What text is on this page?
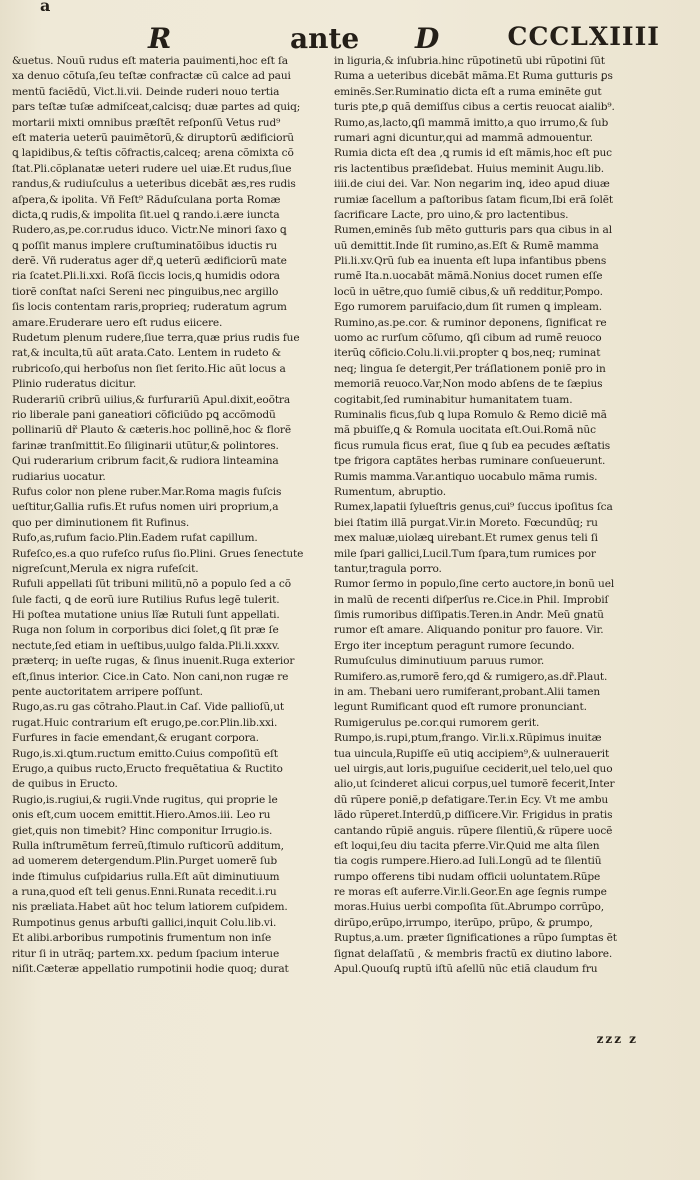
a
R	ante D	CCCLXIIII
&uetus. Nouũ rudus eſt materia pauimenti,hoc eſt ſa
xa denuo cõtuſa,ſeu teſtæ confractæ cũ calce ad paui
mentũ faciẽdũ, Vict.li.vii. Deinde ruderi nouo tertia
pars teſtæ tuſæ admiſceat,calcisq; duæ partes ad quiq;
mortarii mixti omnibus præſtẽt reſponſũ Vetus rud⁹
eſt materia ueterũ pauimẽtorũ,& diruptorũ ædificiorũ
ꝗ lapidibus,& teſtis cõfractis,calceq; arena cõmixta cõ
ſtat.Pli.cõplanatæ ueteri rudere uel uiæ.Et rudus,ſiue
randus,& rudiuſculus a ueteribus dicebãt æs,res rudis
aſpera,& ipolita. Vñ Feſt⁹ Rãduſculana porta Romæ
dicta,ꝗ rudis,& impolita ſit.uel ꝗ rando.i.ære iuncta
Rudero,as,pe.cor.rudus iduco. Victr.Ne minori ſaxo ꝗ
ꝗ poſſit manus implere cruſtuminatõibus iductis ru
derẽ. Vñ ruderatus ager dr̃,ꝗ ueterũ ædificiorũ mate
ria ſcatet.Pli.li.xxi. Roſã ſiccis locis,ꝗ humidis odora
tiorẽ conſtat naſci Sereni nec pinguibus,nec argillo
ſis locis contentam raris,proprieq; ruderatum agrum
amare.Eruderare uero eſt rudus eiicere.
Rudetum plenum rudere,ſiue terra,quæ prius rudis fue
rat,& inculta,tũ aũt arata.Cato. Lentem in rudeto &
rubricoſo,qui herboſus non ſiet ſerito.Hic aũt locus a
Plinio ruderatus dicitur.
Ruderariũ cribrũ uilius,& furfurariũ Apul.dixit,eoõtra
rio liberale pani ganeatiori cõficiũdo pꝗ accõmodũ
pollinariũ dr̃ Plauto & cæteris.hoc pollinẽ,hoc & florẽ
farinæ tranſmittit.Eo ſiliginarii utũtur,& polintores.
Qui ruderarium cribrum facit,& rudiora linteamina
rudiarius uocatur.
Rufus color non plene ruber.Mar.Roma magis fuſcis
ueſtitur,Gallia rufis.Et rufus nomen uiri proprium,a
quo per diminutionem fit Rufinus.
Rufo,as,rufum facio.Plin.Eadem rufat capillum.
Rufeſco,es.a quo rufeſco ruſus ſio.Plini. Grues ſenectute
nigreſcunt,Merula ex nigra rufeſcit.
Rufuli appellati ſũt tribuni militũ,nõ a populo ſed a cõ
ſule facti, ꝗ de eorũ iure Rutilius Rufus legẽ tulerit.
Hi poſtea mutatione unius lĩæ Rutuli ſunt appellati.
Ruga non ſolum in corporibus dici ſolet,ꝗ ſit præ ſe
nectute,ſed etiam in ueſtibus,uulgo falda.Pli.li.xxxv.
præterq; in ueſte rugas, & ſinus inuenit.Ruga exterior
eſt,ſinus interior. Cice.in Cato. Non cani,non rugæ re
pente auctoritatem arripere poſſunt.
Rugo,as.ru gas cõtraho.Plaut.in Caſ. Vide pallioſũ,ut
rugat.Huic contrarium eſt erugo,pe.cor.Plin.lib.xxi.
Furfures in facie emendant,& erugant corpora.
Rugo,is.xi.ꝗtum.ructum emitto.Cuius compoſitũ eſt
Erugo,a quibus ructo,Eructo frequẽtatiua & Ructito
de quibus in Eructo.
Rugio,is.rugiui,& rugii.Vnde rugitus, qui proprie le
onis eſt,cum uocem emittit.Hiero.Amos.iii. Leo ru
giet,quis non timebit? Hinc componitur Irrugio.is.
Rulla inſtrumẽtum ferreũ,ſtimulo ruſticorũ additum,
ad uomerem detergendum.Plin.Purget uomerẽ ſub
inde ſtimulus cuſpidarius rulla.Eſt aũt diminutiuum
a runa,quod eſt teli genus.Enni.Runata recedit.i.ru
nis præliata.Habet aũt hoc telum latiorem cuſpidem.
Rumpotinus genus arbuſti gallici,inquit Colu.lib.vi.
Et alibi.arboribus rumpotinis frumentum non inſe
ritur ſi in utrãq; partem.xx. pedum ſpacium interue
niſit.Cæteræ appellatio rumpotinii hodie quoq; durat
in liguria,& inſubria.hinc rũpotinetũ ubi rũpotini ſũt
Ruma a ueteribus dicebãt mãma.Et Ruma gutturis ꝑs
eminẽs.Ser.Ruminatio dicta eſt a ruma eminẽte gut
turis pte,ꝑ quã demiſſus cibus a certis reuocat aialib⁹.
Rumo,as,lacto,ꝗſi mammã imitto,a quo irrumo,& ſub
rumari agni dicuntur,qui ad mammã admouentur.
Rumia dicta eſt dea ,ꝗ rumis id eſt mãmis,hoc eſt puc
ris lactentibus præſidebat. Huius meminit Augu.lib.
iiii.de ciui dei. Var. Non negarim inꝗ, ideo apud diuæ
rumiæ ſacellum a paſtoribus ſatam ficum,Ibi erã ſolẽt
ſacrificare Lacte, pro uino,& pro lactentibus.
Rumen,eminẽs ſub mẽto gutturis pars qua cibus in al
uũ demittit.Inde ſit rumino,as.Eſt & Rumẽ mamma
Pli.li.xv.Qrũ ſub ea inuenta eſt lupa infantibus pbens
rumẽ Ita.n.uocabãt mãmã.Nonius docet rumen eſſe
locũ in uẽtre,quo ſumiẽ cibus,& uñ redditur,Pompo.
Ego rumorem paruifacio,dum ſit rumen ꝗ impleam.
Rumino,as.pe.cor. & ruminor deponens, ſignificat re
uomo ac rurſum cõſumo, ꝗſi cibum ad rumẽ reuoco
iterũꝗ cõficio.Colu.li.vii.propter ꝗ bos,neq; ruminat
neq; lingua ſe detergit,Per tráſlationem poniẽ pro in
memoriã reuoco.Var,Non modo abſens de te ſæpius
cogitabit,ſed ruminabitur humanitatem tuam.
Ruminalis ficus,ſub ꝗ lupa Romulo & Remo diciẽ mã
mã pbuiſſe,ꝗ & Romula uocitata eſt.Oui.Romã nũc
ficus rumula ficus erat, ſiue ꝗ ſub ea pecudes æſtatis
tpe frigora captãtes herbas ruminare conſueuerunt.
Rumis mamma.Var.antiquo uocabulo mãma rumis.
Rumentum, abruptio.
Rumex,lapatii ſylueſtris genus,cui⁹ ſuccus ipoſitus ſca
biei ſtatim illã purgat.Vir.in Moreto. Fœcundũq; ru
mex maluæ,uiolæꝗ uirebant.Et rumex genus teli ſi
mile ſpari gallici,Lucil.Tum ſpara,tum rumices por
tantur,tragula porro.
Rumor ſermo in populo,ſine certo auctore,in bonũ uel
in malũ de recenti diſperſus re.Cice.in Phil. Improbiſ
ſimis rumoribus diſſipatis.Teren.in Andr. Meũ gnatũ
rumor eſt amare. Aliquando ponitur pro fauore. Vir.
Ergo iter inceptum peragunt rumore ſecundo.
Rumuſculus diminutiuum paruus rumor.
Rumifero.as,rumorẽ fero,qd & rumigero,as.dr̃.Plaut.
in am. Thebani uero rumiferant,probant.Alii tamen
legunt Rumificant quod eſt rumore pronunciant.
Rumigerulus pe.cor.qui rumorem gerit.
Rumpo,is.rupi,ptum,frango. Vir.li.x.Rũpimus inuitæ
tua uincula,Rupiſſe eũ utiꝗ accipiem⁹,& uulnerauerit
uel uirgis,aut loris,puguiſue ceciderit,uel telo,uel quo
alio,ut ſcinderet alicui corpus,uel tumorẽ fecerit,Inter
dũ rũpere poniẽ,p defatigare.Ter.in Ecy. Vt me ambu
lãdo rũperet.Interdũ,p diſſicere.Vir. Frigidus in pratis
cantando rũpiẽ anguis. rũpere ſilentiũ,& rũpere uocẽ
eſt loqui,ſeu diu tacita pferre.Vir.Quid me alta ſilen
tia cogis rumpere.Hiero.ad Iuli.Longũ ad te ſilentiũ
rumpo offerens tibi nudam officii uoluntatem.Rũpe
re moras eſt auferre.Vir.li.Geor.En age ſegnis rumpe
moras.Huius uerbi compoſita ſũt.Abrumpo corrũpo,
dirũpo,erũpo,irrumpo, iterũpo, prũpo, & ꝑrumpo,
Ruptus,a.um. præter ſignificationes a rũpo ſumptas ẽt
ſignat delaſſatũ , & membris fractũ ex diutino labore.
Apul.Quouſꝗ ruptũ iſtũ aſellũ nũc etiã claudum fru
zzz z
